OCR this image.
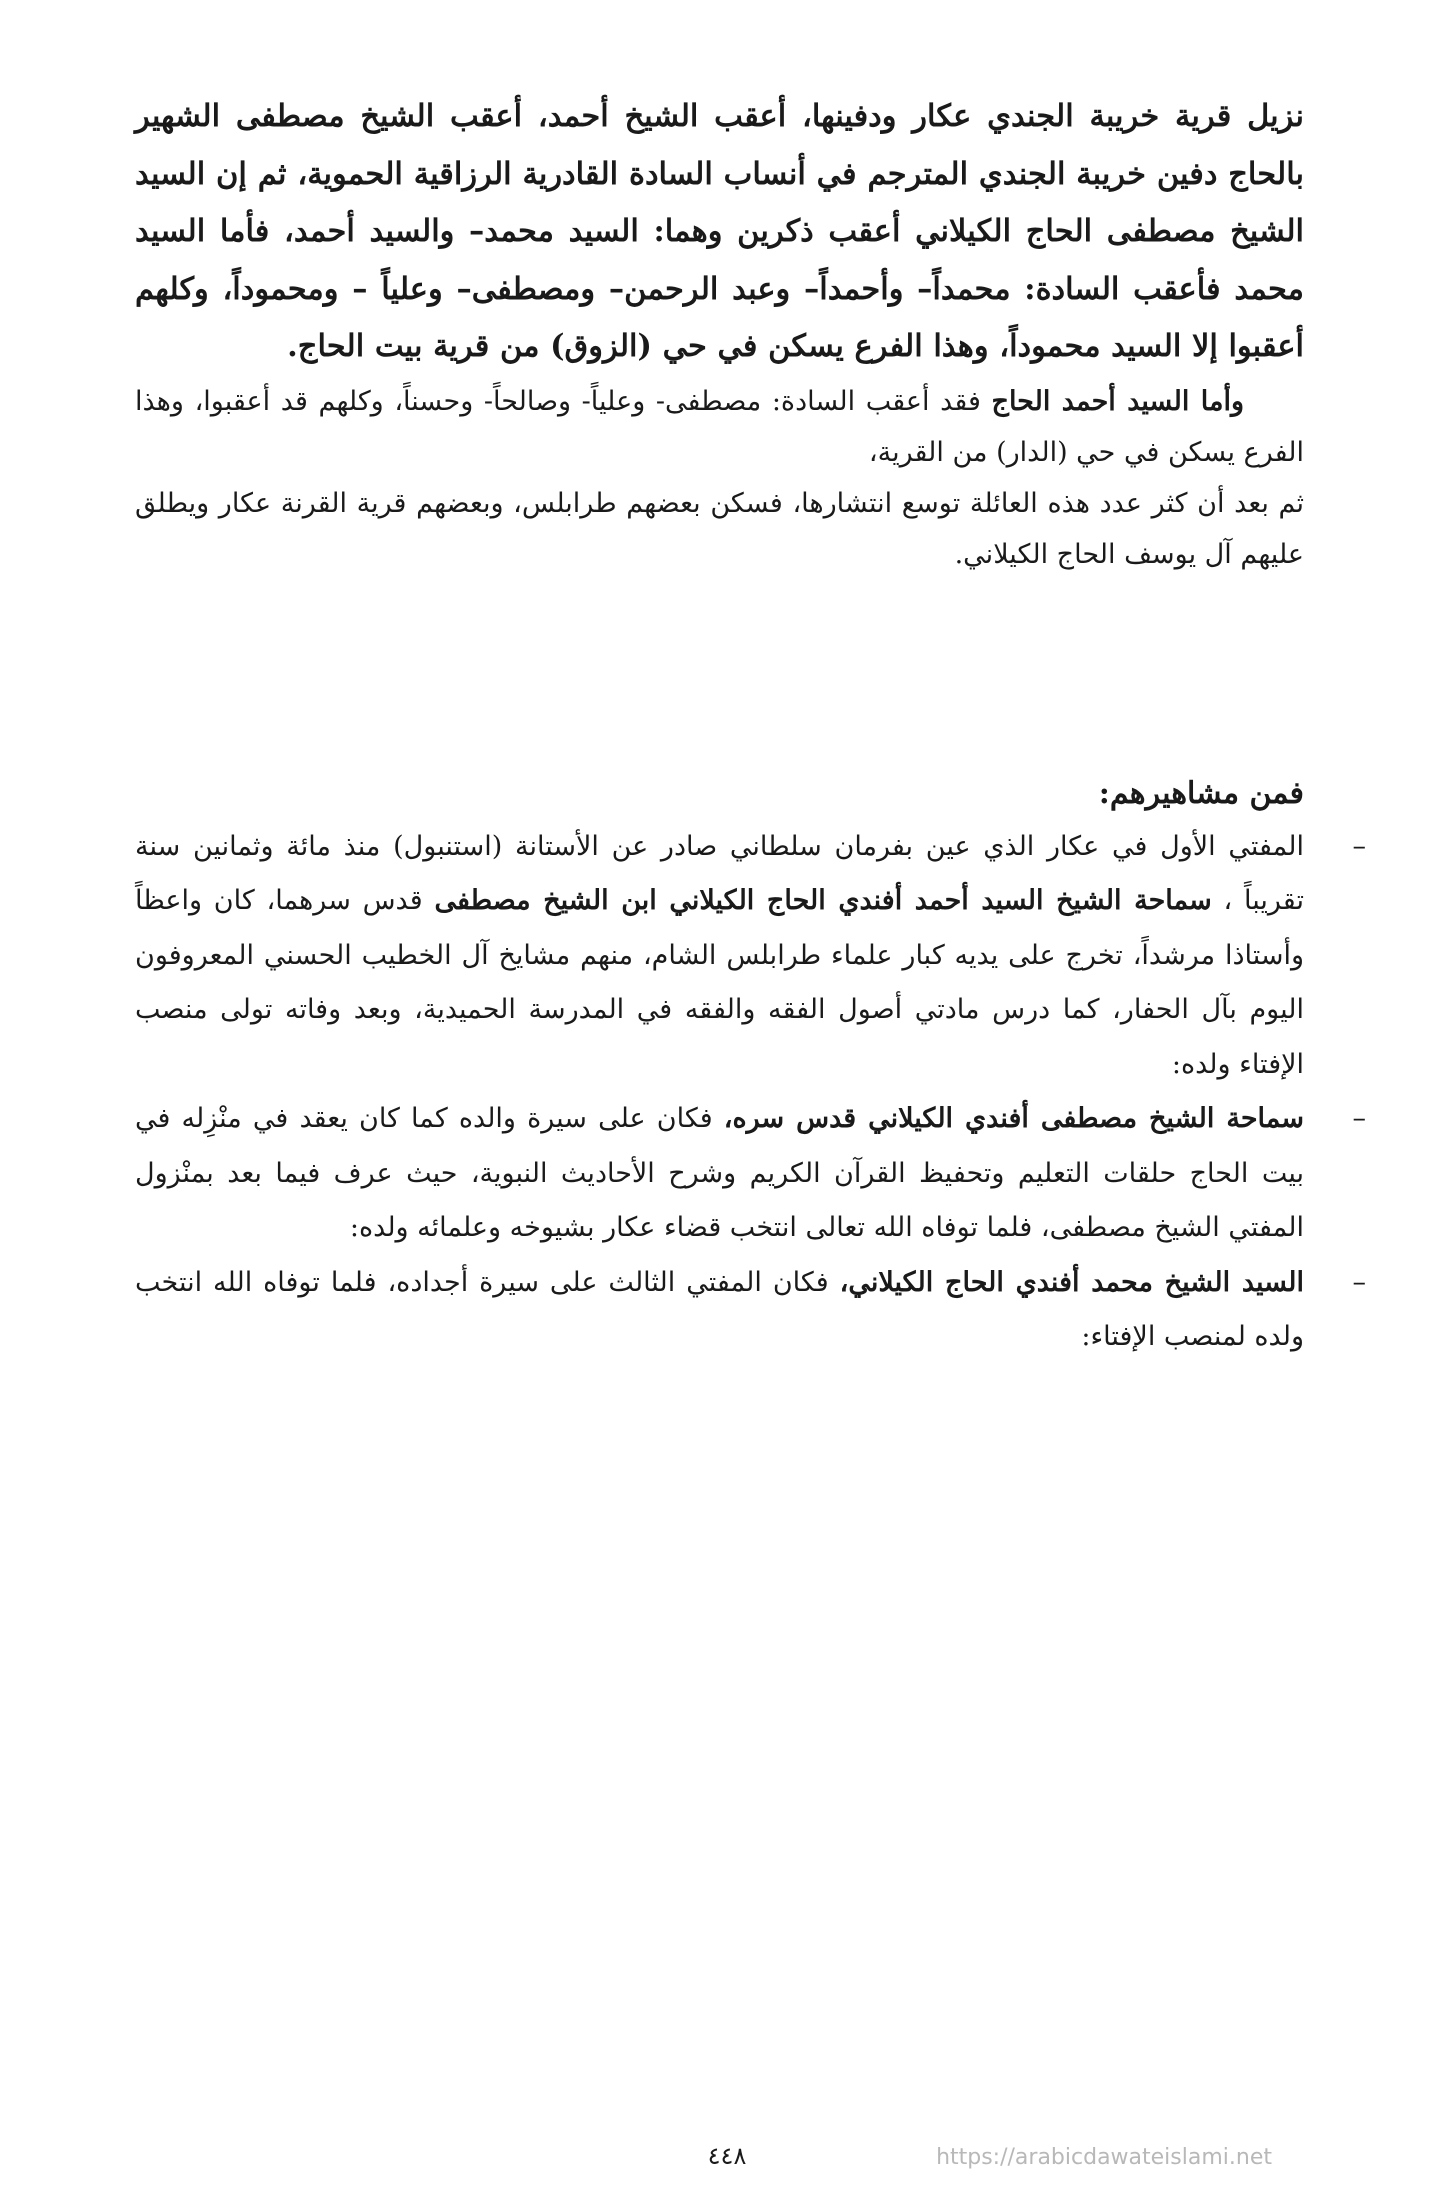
نزيل قرية خريبة الجندي عكار ودفينها، أعقب الشيخ أحمد، أعقب الشيخ مصطفى الشهير بالحاج دفين خريبة الجندي المترجم في أنساب السادة القادرية الرزاقية الحموية، ثم إن السيد الشيخ مصطفى الحاج الكيلاني أعقب ذكرين وهما: السيد محمد– والسيد أحمد، فأما السيد محمد فأعقب السادة: محمداً– وأحمداً– وعبد الرحمن– ومصطفى– وعلياً – ومحموداً، وكلهم أعقبوا إلا السيد محموداً، وهذا الفرع يسكن في حي (الزوق) من قرية بيت الحاج.

وأما السيد أحمد الحاج فقد أعقب السادة: مصطفى- وعلياً- وصالحاً- وحسناً، وكلهم قد أعقبوا، وهذا الفرع يسكن في حي (الدار) من القرية،

ثم بعد أن كثر عدد هذه العائلة توسع انتشارها، فسكن بعضهم طرابلس، وبعضهم قرية القرنة عكار ويطلق عليهم آل يوسف الحاج الكيلاني.

فمن مشاهيرهم:

–
المفتي الأول في عكار الذي عين بفرمان سلطاني صادر عن الأستانة (استنبول) منذ مائة وثمانين سنة تقريباً ، سماحة الشيخ السيد أحمد أفندي الحاج الكيلاني ابن الشيخ مصطفى قدس سرهما، كان واعظاً وأستاذا مرشداً، تخرج على يديه كبار علماء طرابلس الشام، منهم مشايخ آل الخطيب الحسني المعروفون اليوم بآل الحفار، كما درس مادتي أصول الفقه والفقه في المدرسة الحميدية، وبعد وفاته تولى منصب الإفتاء ولده:
–
سماحة الشيخ مصطفى أفندي الكيلاني قدس سره، فكان على سيرة والده كما كان يعقد في منْزِله في بيت الحاج حلقات التعليم وتحفيظ القرآن الكريم وشرح الأحاديث النبوية، حيث عرف فيما بعد بمنْزول المفتي الشيخ مصطفى، فلما توفاه الله تعالى انتخب قضاء عكار بشيوخه وعلمائه ولده:
–
السيد الشيخ محمد أفندي الحاج الكيلاني، فكان المفتي الثالث على سيرة أجداده، فلما توفاه الله انتخب ولده لمنصب الإفتاء:
٤٤٨	https://arabicdawateislami.net
